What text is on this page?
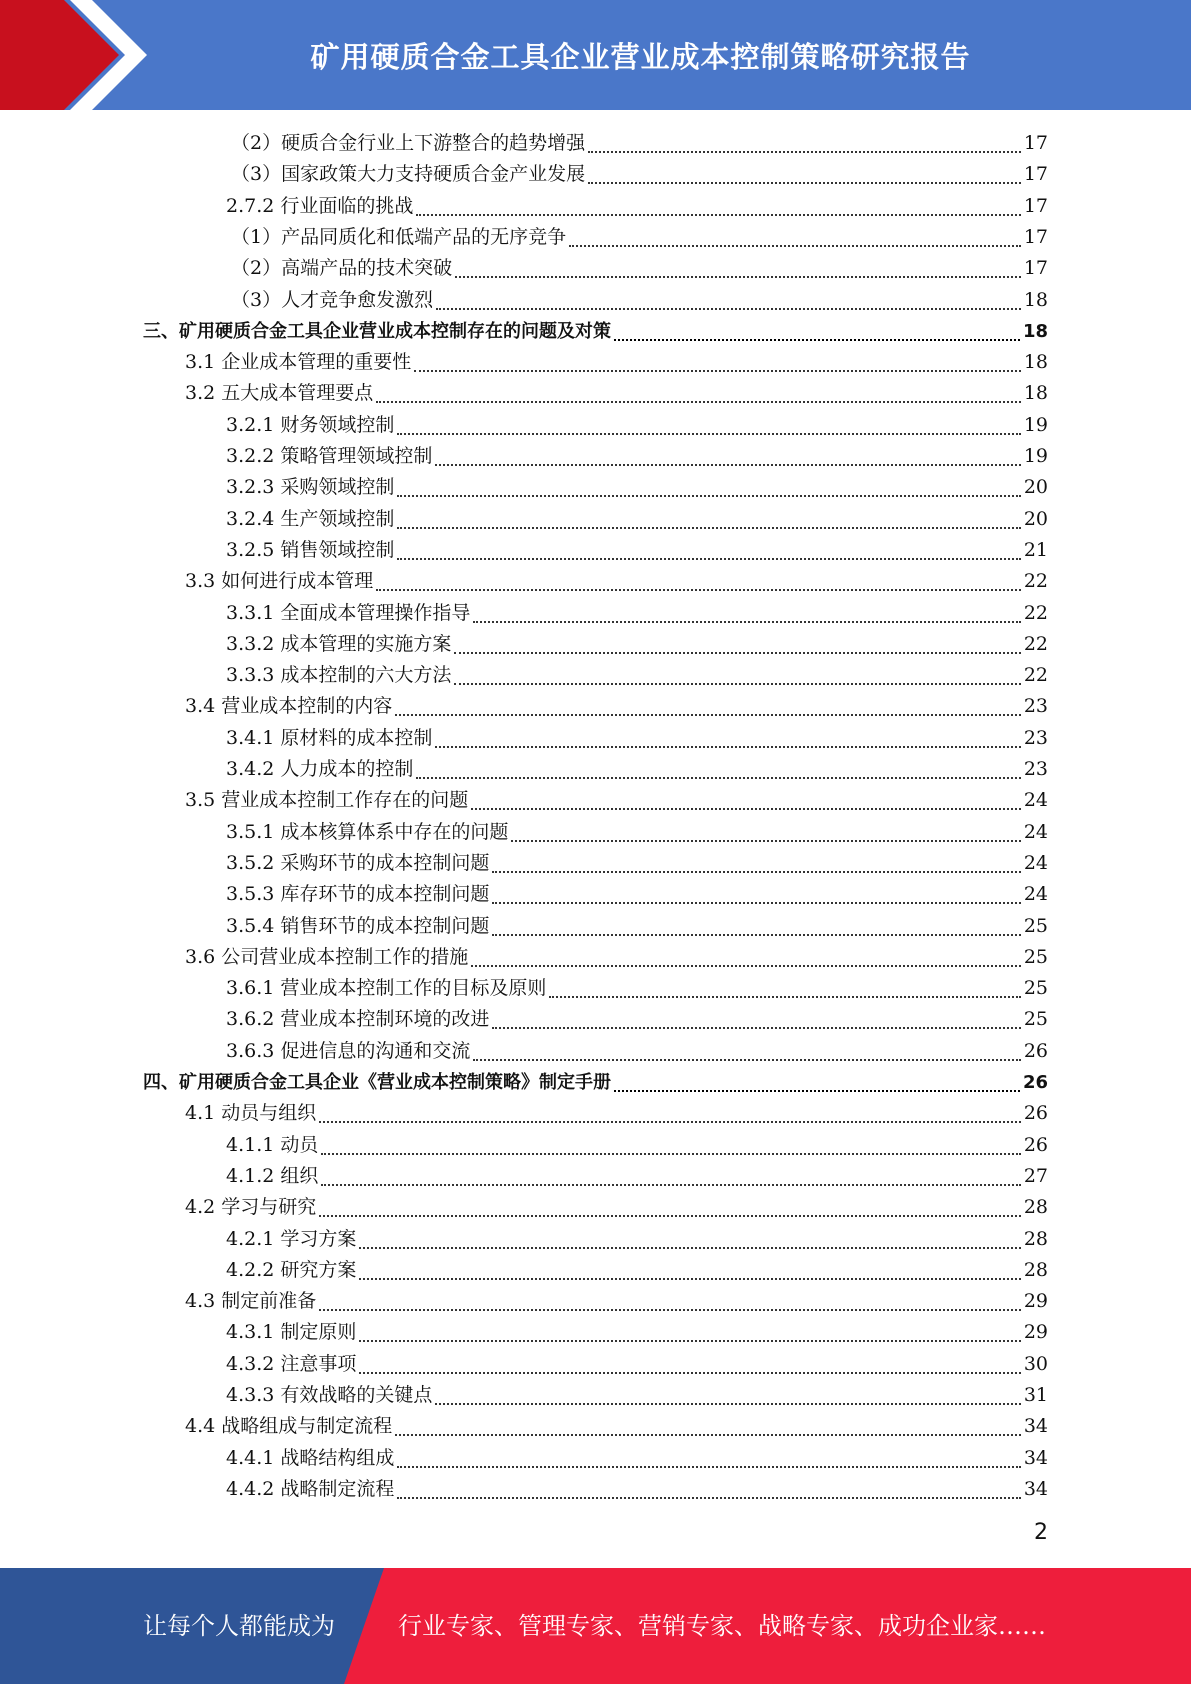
矿用硬质合金工具企业营业成本控制策略研究报告
（2）硬质合金行业上下游整合的趋势增强	17
（3）国家政策大力支持硬质合金产业发展	17
2.7.2 行业面临的挑战	17
（1）产品同质化和低端产品的无序竞争	17
（2）高端产品的技术突破	17
（3）人才竞争愈发激烈	18
三、矿用硬质合金工具企业营业成本控制存在的问题及对策	18
3.1 企业成本管理的重要性	18
3.2 五大成本管理要点	18
3.2.1 财务领域控制	19
3.2.2 策略管理领域控制	19
3.2.3 采购领域控制	20
3.2.4 生产领域控制	20
3.2.5 销售领域控制	21
3.3 如何进行成本管理	22
3.3.1 全面成本管理操作指导	22
3.3.2 成本管理的实施方案	22
3.3.3 成本控制的六大方法	22
3.4 营业成本控制的内容	23
3.4.1 原材料的成本控制	23
3.4.2 人力成本的控制	23
3.5 营业成本控制工作存在的问题	24
3.5.1 成本核算体系中存在的问题	24
3.5.2 采购环节的成本控制问题	24
3.5.3 库存环节的成本控制问题	24
3.5.4 销售环节的成本控制问题	25
3.6 公司营业成本控制工作的措施	25
3.6.1 营业成本控制工作的目标及原则	25
3.6.2 营业成本控制环境的改进	25
3.6.3 促进信息的沟通和交流	26
四、矿用硬质合金工具企业《营业成本控制策略》制定手册	26
4.1 动员与组织	26
4.1.1 动员	26
4.1.2 组织	27
4.2 学习与研究	28
4.2.1 学习方案	28
4.2.2 研究方案	28
4.3 制定前准备	29
4.3.1 制定原则	29
4.3.2 注意事项	30
4.3.3 有效战略的关键点	31
4.4 战略组成与制定流程	34
4.4.1 战略结构组成	34
4.4.2 战略制定流程	34
2
让每个人都能成为	行业专家、管理专家、营销专家、战略专家、成功企业家……
